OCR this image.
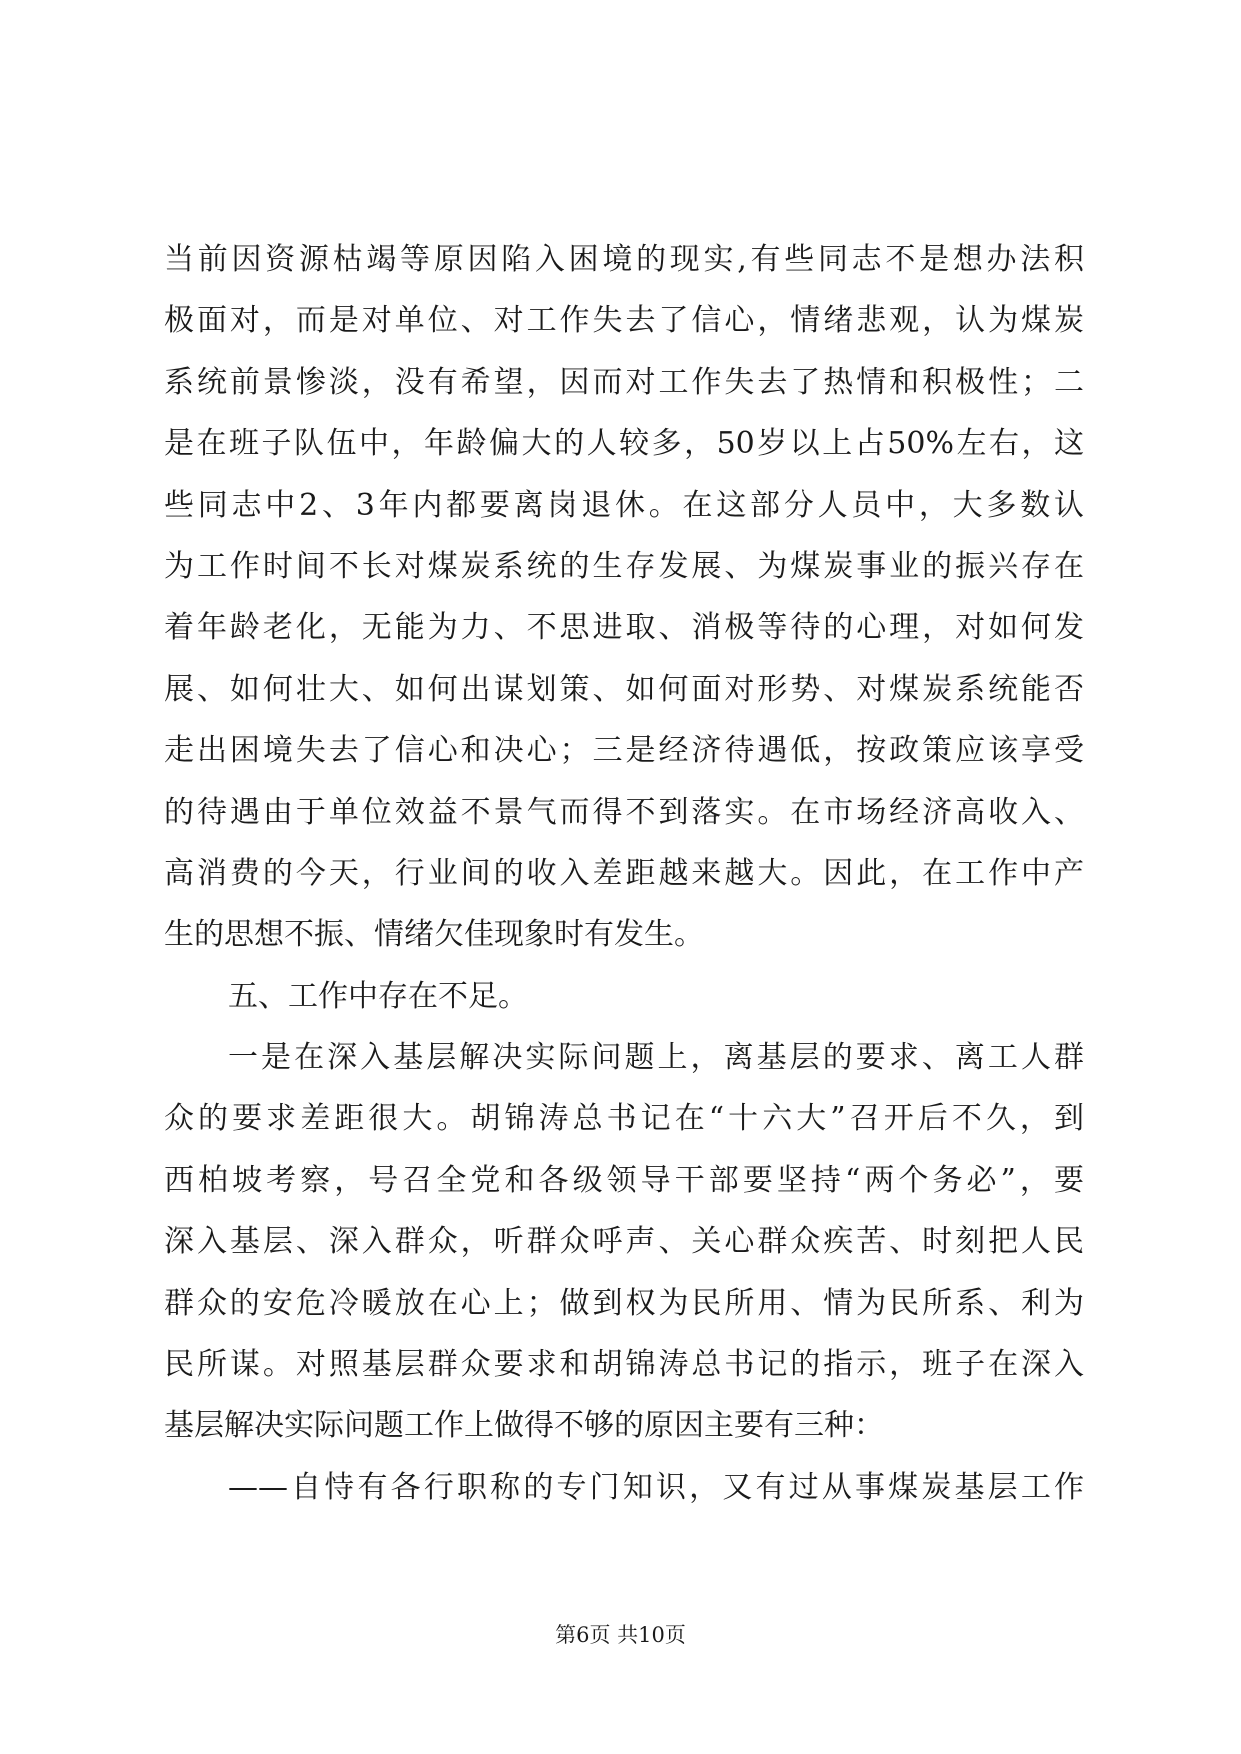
当前因资源枯竭等原因陷入困境的现实,有些同志不是想办法积
极面对，而是对单位、对工作失去了信心，情绪悲观，认为煤炭
系统前景惨淡，没有希望，因而对工作失去了热情和积极性；二
是在班子队伍中，年龄偏大的人较多，50岁以上占50%左右，这
些同志中2、3年内都要离岗退休。在这部分人员中，大多数认
为工作时间不长对煤炭系统的生存发展、为煤炭事业的振兴存在
着年龄老化，无能为力、不思进取、消极等待的心理，对如何发
展、如何壮大、如何出谋划策、如何面对形势、对煤炭系统能否
走出困境失去了信心和决心；三是经济待遇低，按政策应该享受
的待遇由于单位效益不景气而得不到落实。在市场经济高收入、
高消费的今天，行业间的收入差距越来越大。因此，在工作中产
生的思想不振、情绪欠佳现象时有发生。
五、工作中存在不足。
一是在深入基层解决实际问题上，离基层的要求、离工人群
众的要求差距很大。胡锦涛总书记在“十六大”召开后不久，到
西柏坡考察，号召全党和各级领导干部要坚持“两个务必”，要
深入基层、深入群众，听群众呼声、关心群众疾苦、时刻把人民
群众的安危冷暖放在心上；做到权为民所用、情为民所系、利为
民所谋。对照基层群众要求和胡锦涛总书记的指示，班子在深入
基层解决实际问题工作上做得不够的原因主要有三种：
——自恃有各行职称的专门知识，又有过从事煤炭基层工作
第6页 共10页
